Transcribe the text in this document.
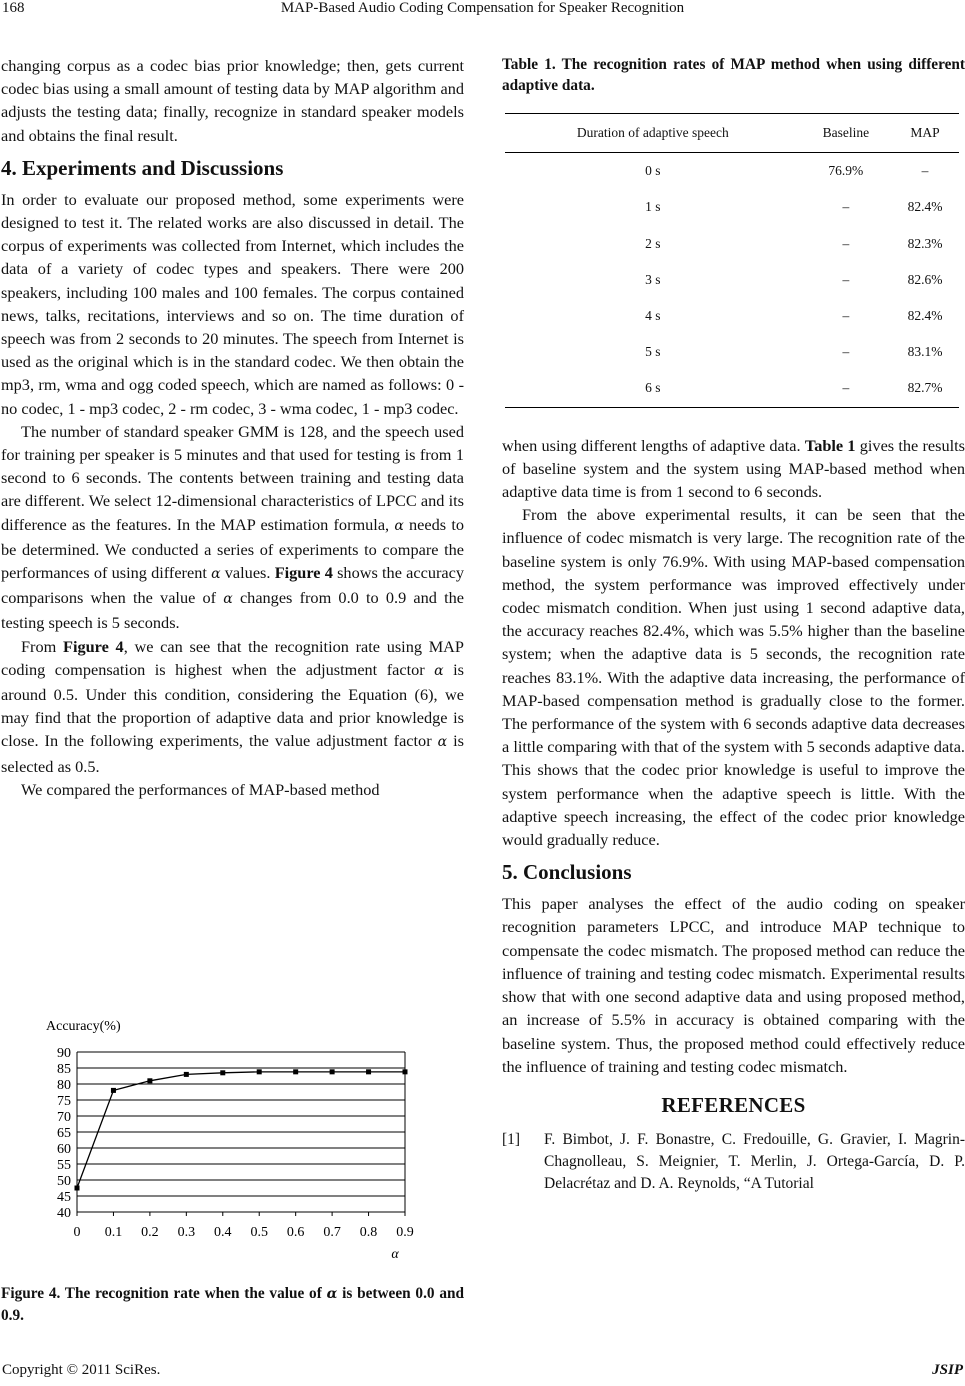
168	MAP-Based Audio Coding Compensation for Speaker Recognition

changing corpus as a codec bias prior knowledge; then, gets current codec bias using a small amount of testing data by MAP algorithm and adjusts the testing data; finally, recognize in standard speaker models and obtains the final result.

4. Experiments and Discussions

In order to evaluate our proposed method, some experiments were designed to test it. The related works are also discussed in detail. The corpus of experiments was collected from Internet, which includes the data of a variety of codec types and speakers. There were 200 speakers, including 100 males and 100 females. The corpus contained news, talks, recitations, interviews and so on. The time duration of speech was from 2 seconds to 20 minutes. The speech from Internet is used as the original which is in the standard codec. We then obtain the mp3, rm, wma and ogg coded speech, which are named as follows: 0 - no codec, 1 - mp3 codec, 2 - rm codec, 3 - wma codec, 1 - mp3 codec.

The number of standard speaker GMM is 128, and the speech used for training per speaker is 5 minutes and that used for testing is from 1 second to 6 seconds. The contents between training and testing data are different. We select 12-dimensional characteristics of LPCC and its difference as the features. In the MAP estimation formula, α needs to be determined. We conducted a series of experiments to compare the performances of using different α values. Figure 4 shows the accuracy comparisons when the value of α changes from 0.0 to 0.9 and the testing speech is 5 seconds.

From Figure 4, we can see that the recognition rate using MAP coding compensation is highest when the adjustment factor α is around 0.5. Under this condition, considering the Equation (6), we may find that the proportion of adaptive data and prior knowledge is close. In the following experiments, the value adjustment factor α is selected as 0.5.

We compared the performances of MAP-based method

Accuracy(%)
40
45
50
55
60
65
70
75
80
85
90
0 0.1 0.2 0.3 0.4 0.5 0.6 0.7 0.8 0.9
α
Figure 4. The recognition rate when the value of α is between 0.0 and 0.9.
Table 1. The recognition rates of MAP method when using different adaptive data.
Duration of adaptive speech	Baseline	MAP
0 s	76.9%	–
1 s	–	82.4%
2 s	–	82.3%
3 s	–	82.6%
4 s	–	82.4%
5 s	–	83.1%
6 s	–	82.7%

when using different lengths of adaptive data. Table 1 gives the results of baseline system and the system using MAP-based method when adaptive data time is from 1 second to 6 seconds.

From the above experimental results, it can be seen that the influence of codec mismatch is very large. The recognition rate of the baseline system is only 76.9%. With using MAP-based compensation method, the system performance was improved effectively under codec mismatch condition. When just using 1 second adaptive data, the accuracy reaches 82.4%, which was 5.5% higher than the baseline system; when the adaptive data is 5 seconds, the recognition rate reaches 83.1%. With the adaptive data increasing, the performance of MAP-based compensation method is gradually close to the former. The performance of the system with 6 seconds adaptive data decreases a little comparing with that of the system with 5 seconds adaptive data. This shows that the codec prior knowledge is useful to improve the system performance when the adaptive speech is little. With the adaptive speech increasing, the effect of the codec prior knowledge would gradually reduce.

5. Conclusions

This paper analyses the effect of the audio coding on speaker recognition parameters LPCC, and introduce MAP technique to compensate the codec mismatch. The proposed method can reduce the influence of training and testing codec mismatch. Experimental results show that with one second adaptive data and using proposed method, an increase of 5.5% in accuracy is obtained comparing with the baseline system. Thus, the proposed method could effectively reduce the influence of training and testing codec mismatch.

REFERENCES
[1]	F. Bimbot, J. F. Bonastre, C. Fredouille, G. Gravier, I. Magrin-Chagnolleau, S. Meignier, T. Merlin, J. Ortega-García, D. P. Delacrétaz and D. A. Reynolds, “A Tutorial
Copyright © 2011 SciRes.	JSIP
